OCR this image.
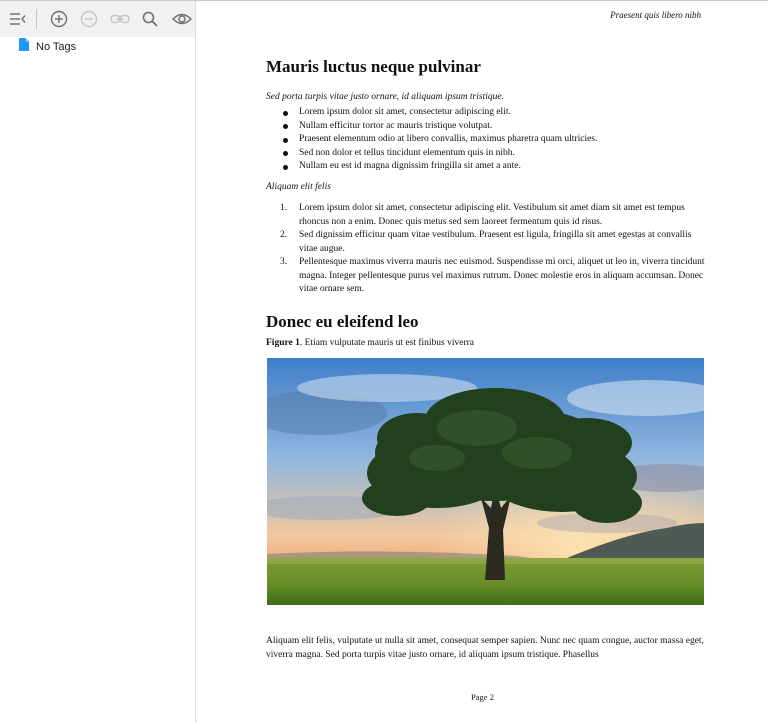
No Tags
Praesent quis libero nibh
Mauris luctus neque pulvinar
Sed porta turpis vitae justo ornare, id aliquam ipsum tristique.
Lorem ipsum dolor sit amet, consectetur adipiscing elit.
Nullam efficitur tortor ac mauris tristique volutpat.
Praesent elementum odio at libero convallis, maximus pharetra quam ultricies.
Sed non dolor et tellus tincidunt elementum quis in nibh.
Nullam eu est id magna dignissim fringilla sit amet a ante.
Aliquam elit felis
1. Lorem ipsum dolor sit amet, consectetur adipiscing elit. Vestibulum sit amet diam sit amet est tempus rhoncus non a enim. Donec quis metus sed sem laoreet fermentum quis id risus.
2. Sed dignissim efficitur quam vitae vestibulum. Praesent est ligula, fringilla sit amet egestas at convallis vitae augue.
3. Pellentesque maximus viverra mauris nec euismod. Suspendisse mi orci, aliquet ut leo in, viverra tincidunt magna. Integer pellentesque purus vel maximus rutrum. Donec molestie eros in aliquam accumsan. Donec vitae ornare sem.
Donec eu eleifend leo
Figure 1. Etiam vulputate mauris ut est finibus viverra
Aliquam elit felis, vulputate ut nulla sit amet, consequat semper sapien. Nunc nec quam congue, auctor massa eget, viverra magna. Sed porta turpis vitae justo ornare, id aliquam ipsum tristique. Phasellus
Page 2
